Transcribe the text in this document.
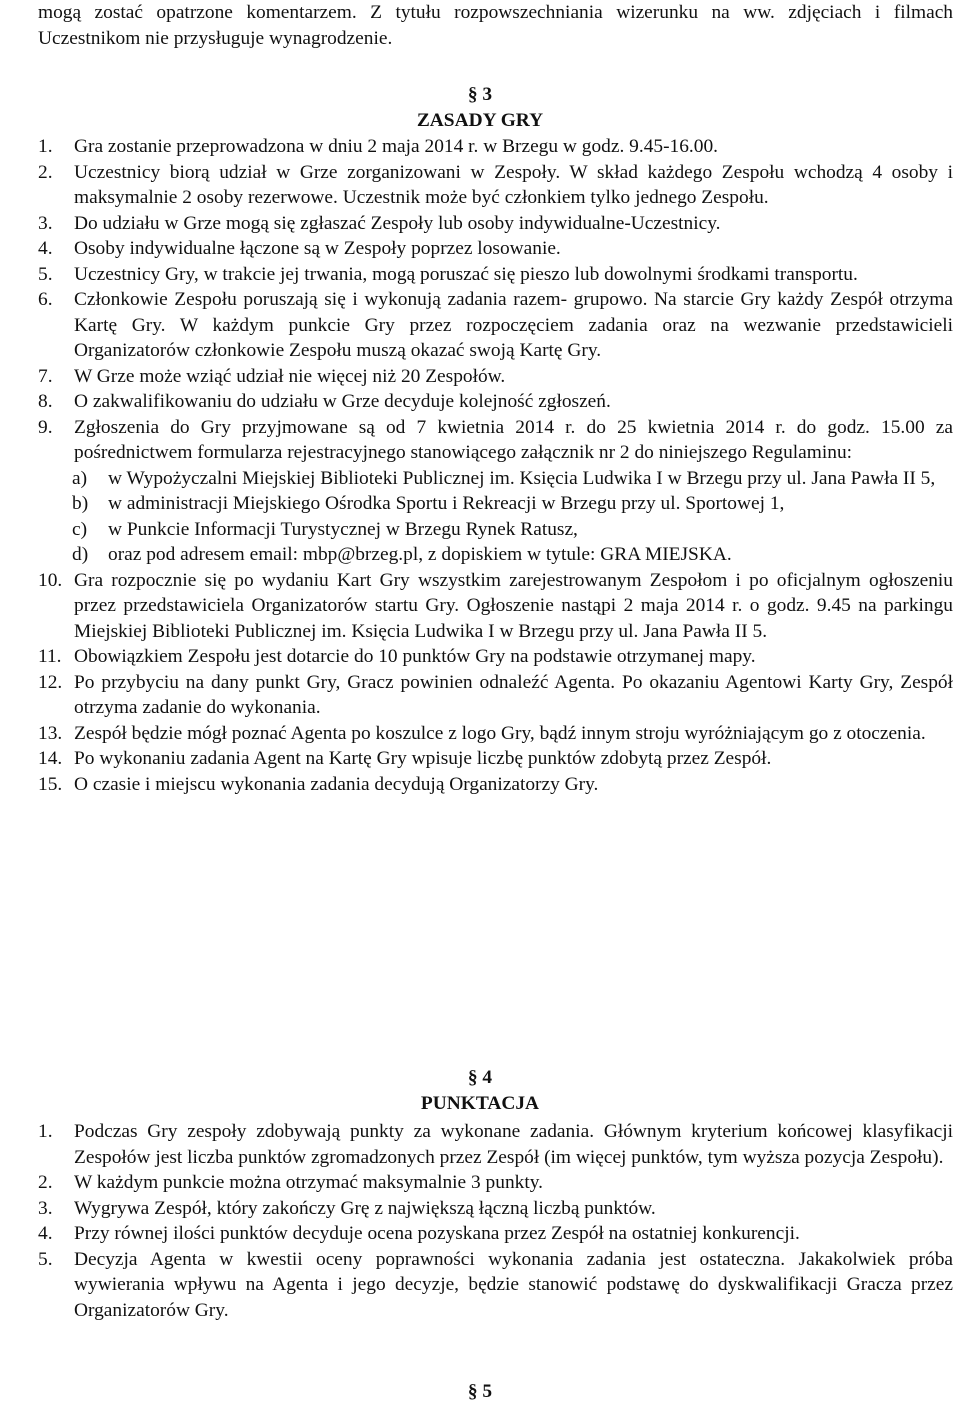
mogą zostać opatrzone komentarzem. Z tytułu rozpowszechniania wizerunku na ww. zdjęciach i filmach Uczestnikom nie przysługuje wynagrodzenie.

§ 3
ZASADY GRY
1.	Gra zostanie przeprowadzona w dniu 2 maja 2014 r. w Brzegu w godz. 9.45-16.00.
2.	Uczestnicy biorą udział w Grze zorganizowani w Zespoły. W skład każdego Zespołu wchodzą 4 osoby i maksymalnie 2 osoby rezerwowe. Uczestnik może być członkiem tylko jednego Zespołu.
3.	Do udziału w Grze mogą się zgłaszać Zespoły lub osoby indywidualne-Uczestnicy.
4.	Osoby indywidualne łączone są w Zespoły poprzez losowanie.
5.	Uczestnicy Gry, w trakcie jej trwania, mogą poruszać się pieszo lub dowolnymi środkami transportu.
6.	Członkowie Zespołu poruszają się i wykonują zadania razem- grupowo. Na starcie Gry każdy Zespół otrzyma Kartę Gry. W każdym punkcie Gry przez rozpoczęciem zadania oraz na wezwanie przedstawicieli Organizatorów członkowie Zespołu muszą okazać swoją Kartę Gry.
7.	W Grze może wziąć udział nie więcej niż 20 Zespołów.
8.	O zakwalifikowaniu do udziału w Grze decyduje kolejność zgłoszeń.
9.	Zgłoszenia do Gry przyjmowane są od 7 kwietnia 2014 r. do 25 kwietnia 2014 r. do godz. 15.00 za pośrednictwem formularza rejestracyjnego stanowiącego załącznik nr 2 do niniejszego Regulaminu:
a)	w Wypożyczalni Miejskiej Biblioteki Publicznej im. Księcia Ludwika I w Brzegu przy ul. Jana Pawła II 5,
b)	w administracji Miejskiego Ośrodka Sportu i Rekreacji w Brzegu przy ul. Sportowej 1,
c)	w Punkcie Informacji Turystycznej w Brzegu Rynek Ratusz,
d)	oraz pod adresem email: mbp@brzeg.pl, z dopiskiem w tytule: GRA MIEJSKA.
10. Gra rozpocznie się po wydaniu Kart Gry wszystkim zarejestrowanym Zespołom i po oficjalnym ogłoszeniu przez przedstawiciela Organizatorów startu Gry. Ogłoszenie nastąpi 2 maja 2014 r. o godz. 9.45 na parkingu Miejskiej Biblioteki Publicznej im. Księcia Ludwika I w Brzegu przy ul. Jana Pawła II 5.
11. Obowiązkiem Zespołu jest dotarcie do 10 punktów Gry na podstawie otrzymanej mapy.
12. Po przybyciu na dany punkt Gry, Gracz powinien odnaleźć Agenta. Po okazaniu Agentowi Karty Gry, Zespół otrzyma zadanie do wykonania.
13. Zespół będzie mógł poznać Agenta po koszulce z logo Gry, bądź innym stroju wyróżniającym go z otoczenia.
14. Po wykonaniu zadania Agent na Kartę Gry wpisuje liczbę punktów zdobytą przez Zespół.
15. O czasie i miejscu wykonania zadania decydują Organizatorzy Gry.
§ 4
PUNKTACJA
1.	Podczas Gry zespoły zdobywają punkty za wykonane zadania. Głównym kryterium końcowej klasyfikacji Zespołów jest liczba punktów zgromadzonych przez Zespół (im więcej punktów, tym wyższa pozycja Zespołu).
2.	W każdym punkcie można otrzymać maksymalnie 3 punkty.
3.	Wygrywa Zespół, który zakończy Grę z największą łączną liczbą punktów.
4.	Przy równej ilości punktów decyduje ocena pozyskana przez Zespół na ostatniej konkurencji.
5.	Decyzja Agenta w kwestii oceny poprawności wykonania zadania jest ostateczna. Jakakolwiek próba wywierania wpływu na Agenta i jego decyzje, będzie stanowić podstawę do dyskwalifikacji Gracza przez Organizatorów Gry.
§ 5
